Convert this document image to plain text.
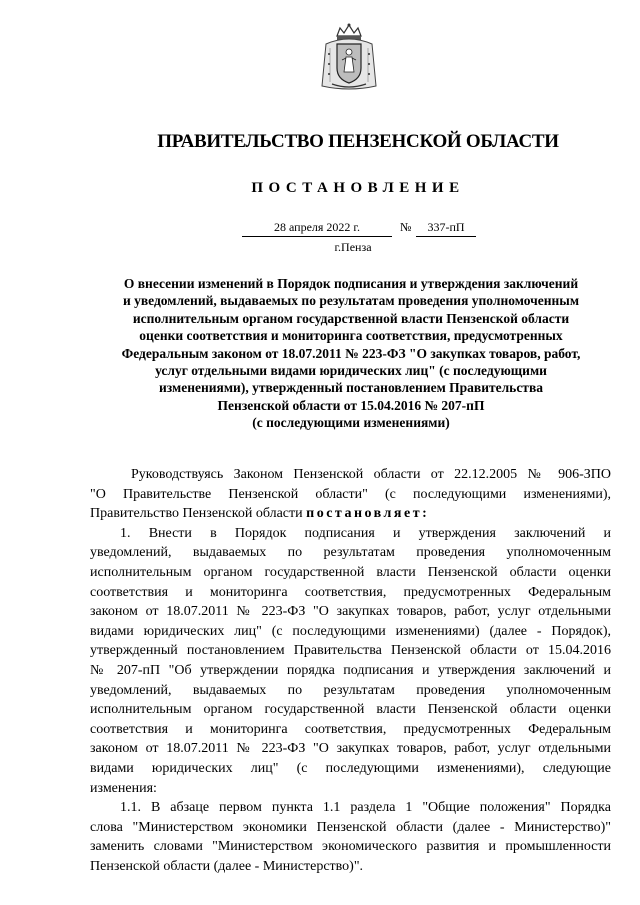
ПРАВИТЕЛЬСТВО ПЕНЗЕНСКОЙ ОБЛАСТИ
ПОСТАНОВЛЕНИЕ
28 апреля 2022 г.	№	337-пП
г.Пенза
О внесении изменений в Порядок подписания и утверждения заключений
и уведомлений, выдаваемых по результатам проведения уполномоченным
исполнительным органом государственной власти Пензенской области
оценки соответствия и мониторинга соответствия, предусмотренных
Федеральным законом от 18.07.2011 № 223-ФЗ "О закупках товаров, работ,
услуг отдельными видами юридических лиц" (с последующими
изменениями), утвержденный постановлением Правительства
Пензенской области от 15.04.2016 № 207-пП
(с последующими изменениями)
Руководствуясь Законом Пензенской области от 22.12.2005 № 906-ЗПО
"О Правительстве Пензенской области" (с последующими изменениями),
Правительство Пензенской области постановляет:
1. Внести в Порядок подписания и утверждения заключений и
уведомлений, выдаваемых по результатам проведения уполномоченным
исполнительным органом государственной власти Пензенской области оценки
соответствия и мониторинга соответствия, предусмотренных Федеральным
законом от 18.07.2011 № 223-ФЗ "О закупках товаров, работ, услуг отдельными
видами юридических лиц" (с последующими изменениями) (далее - Порядок),
утвержденный постановлением Правительства Пензенской области от 15.04.2016
№ 207-пП "Об утверждении порядка подписания и утверждения заключений и
уведомлений, выдаваемых по результатам проведения уполномоченным
исполнительным органом государственной власти Пензенской области оценки
соответствия и мониторинга соответствия, предусмотренных Федеральным
законом от 18.07.2011 № 223-ФЗ "О закупках товаров, работ, услуг отдельными
видами юридических лиц" (с последующими изменениями), следующие
изменения:
1.1. В абзаце первом пункта 1.1 раздела 1 "Общие положения" Порядка
слова "Министерством экономики Пензенской области (далее - Министерство)"
заменить словами "Министерством экономического развития и промышленности
Пензенской области (далее - Министерство)".
